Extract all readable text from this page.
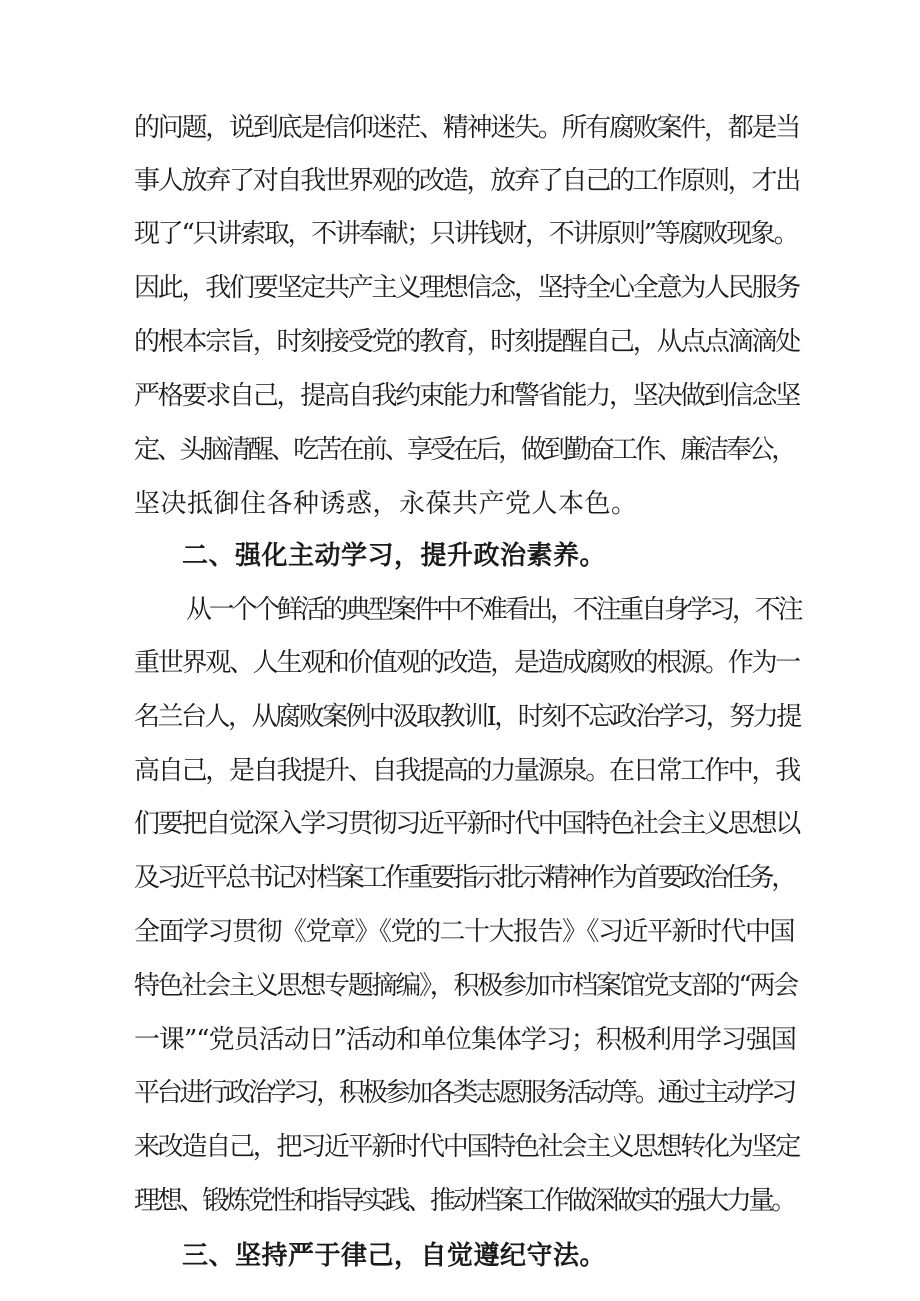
的问题，说到底是信仰迷茫、精神迷失。所有腐败案件，都是当

事人放弃了对自我世界观的改造，放弃了自己的工作原则，才出

现了“只讲索取，不讲奉献；只讲钱财，不讲原则”等腐败现象。

因此，我们要坚定共产主义理想信念，坚持全心全意为人民服务

的根本宗旨，时刻接受党的教育，时刻提醒自己，从点点滴滴处

严格要求自己，提高自我约束能力和警省能力，坚决做到信念坚

定、头脑清醒、吃苦在前、享受在后，做到勤奋工作、廉洁奉公，

坚决抵御住各种诱惑，永葆共产党人本色。

二、强化主动学习，提升政治素养。

从一个个鲜活的典型案件中不难看出，不注重自身学习，不注

重世界观、人生观和价值观的改造，是造成腐败的根源。作为一

名兰台人，从腐败案例中汲取教训I，时刻不忘政治学习，努力提

高自己，是自我提升、自我提高的力量源泉。在日常工作中，我

们要把自觉深入学习贯彻习近平新时代中国特色社会主义思想以

及习近平总书记对档案工作重要指示批示精神作为首要政治任务，

全面学习贯彻《党章》《党的二十大报告》《习近平新时代中国

特色社会主义思想专题摘编》，积极参加市档案馆党支部的“两会

一课”“党员活动日”活动和单位集体学习；积极利用学习强国

平台进行政治学习，积极参加各类志愿服务活动等。通过主动学习

来改造自己，把习近平新时代中国特色社会主义思想转化为坚定

理想、锻炼党性和指导实践、推动档案工作做深做实的强大力量。

三、坚持严于律己，自觉遵纪守法。
